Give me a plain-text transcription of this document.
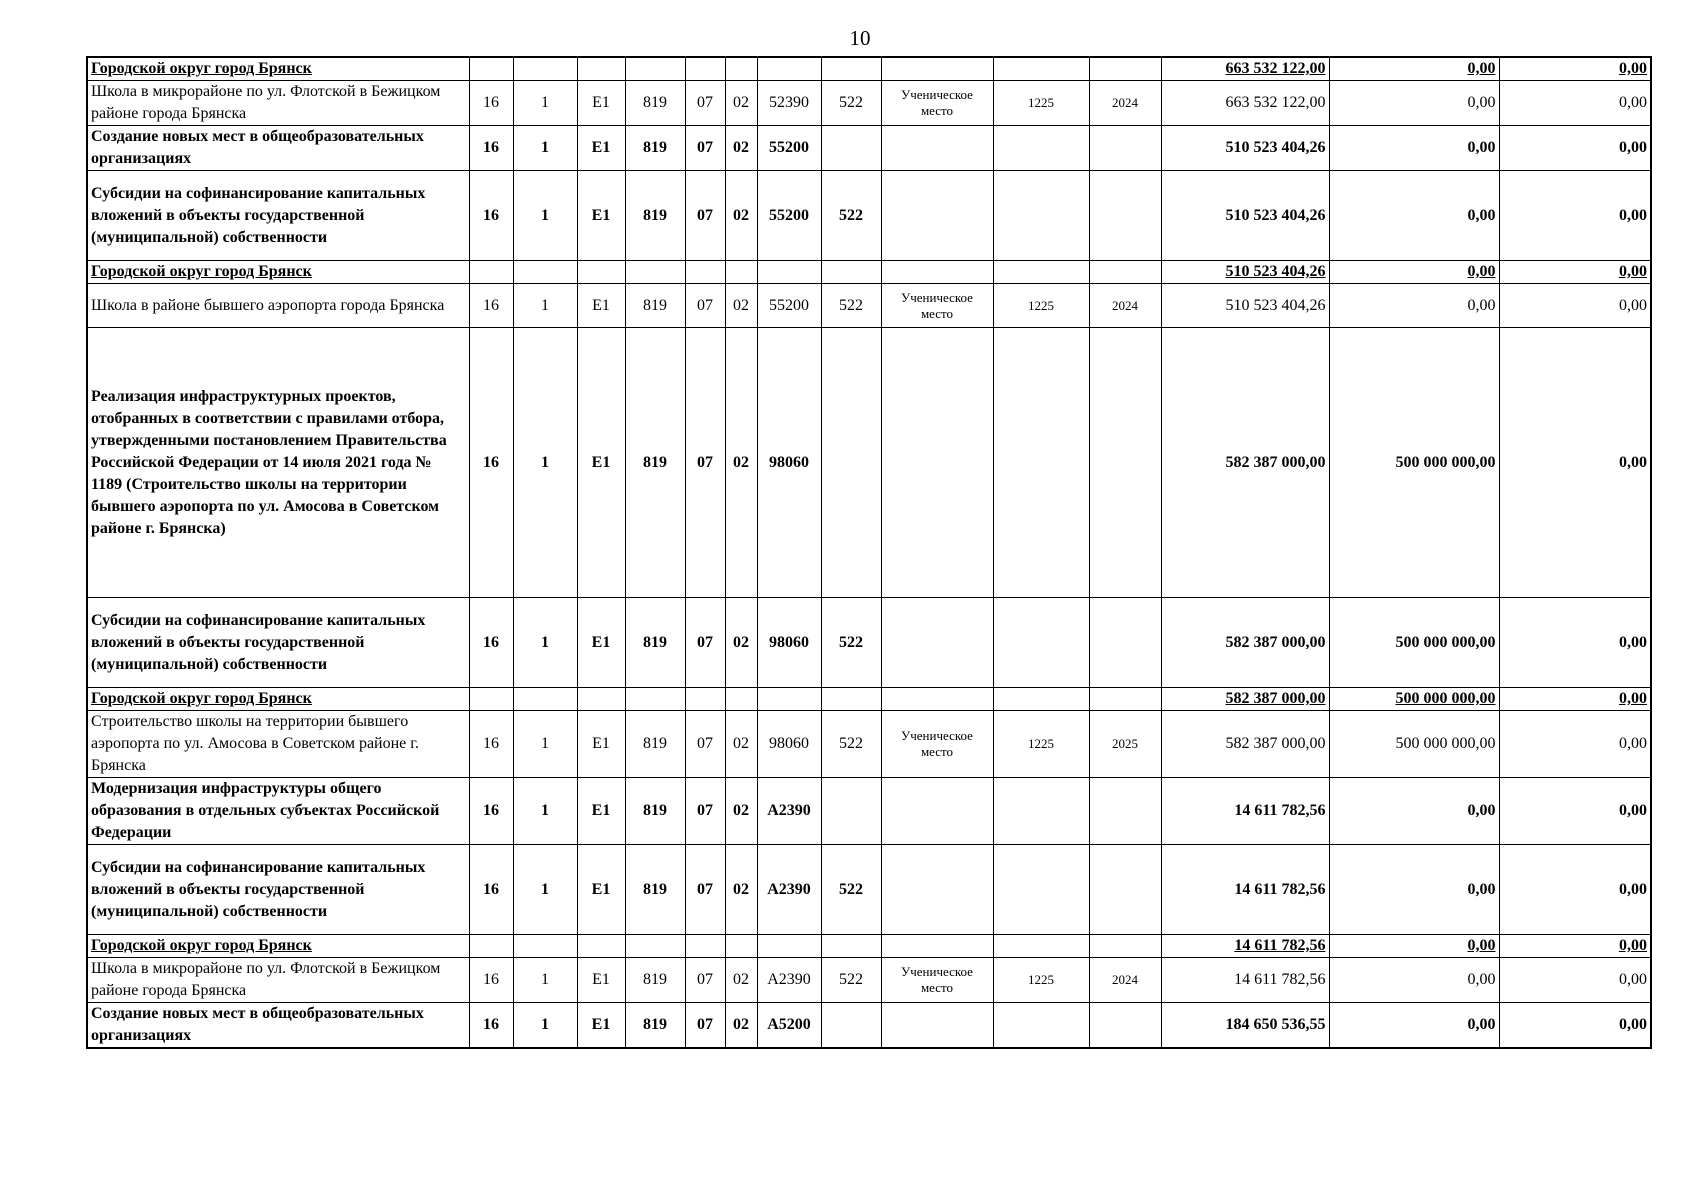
10
Городской округ город Брянск												663 532 122,00	0,00	0,00
Школа в микрорайоне по ул. Флотской в Бежицком районе города Брянска	16	1	Е1	819	07	02	52390	522	Ученическое место	1225	2024	663 532 122,00	0,00	0,00
Создание новых мест в общеобразовательных организациях	16	1	Е1	819	07	02	55200					510 523 404,26	0,00	0,00
Субсидии на софинансирование капитальных вложений в объекты государственной (муниципальной) собственности	16	1	Е1	819	07	02	55200	522				510 523 404,26	0,00	0,00
Городской округ город Брянск												510 523 404,26	0,00	0,00
Школа в районе бывшего аэропорта города Брянска	16	1	Е1	819	07	02	55200	522	Ученическое место	1225	2024	510 523 404,26	0,00	0,00
Реализация инфраструктурных проектов, отобранных в соответствии с правилами отбора, утвержденными постановлением Правительства Российской Федерации от 14 июля 2021 года № 1189 (Строительство школы на территории бывшего аэропорта по ул. Амосова в Советском районе г. Брянска)	16	1	Е1	819	07	02	98060					582 387 000,00	500 000 000,00	0,00
Субсидии на софинансирование капитальных вложений в объекты государственной (муниципальной) собственности	16	1	Е1	819	07	02	98060	522				582 387 000,00	500 000 000,00	0,00
Городской округ город Брянск												582 387 000,00	500 000 000,00	0,00
Строительство школы на территории бывшего аэропорта по ул. Амосова в Советском районе г. Брянска	16	1	Е1	819	07	02	98060	522	Ученическое место	1225	2025	582 387 000,00	500 000 000,00	0,00
Модернизация инфраструктуры общего образования в отдельных субъектах Российской Федерации	16	1	Е1	819	07	02	А2390					14 611 782,56	0,00	0,00
Субсидии на софинансирование капитальных вложений в объекты государственной (муниципальной) собственности	16	1	Е1	819	07	02	А2390	522				14 611 782,56	0,00	0,00
Городской округ город Брянск												14 611 782,56	0,00	0,00
Школа в микрорайоне по ул. Флотской в Бежицком районе города Брянска	16	1	Е1	819	07	02	А2390	522	Ученическое место	1225	2024	14 611 782,56	0,00	0,00
Создание новых мест в общеобразовательных организациях	16	1	Е1	819	07	02	А5200					184 650 536,55	0,00	0,00
